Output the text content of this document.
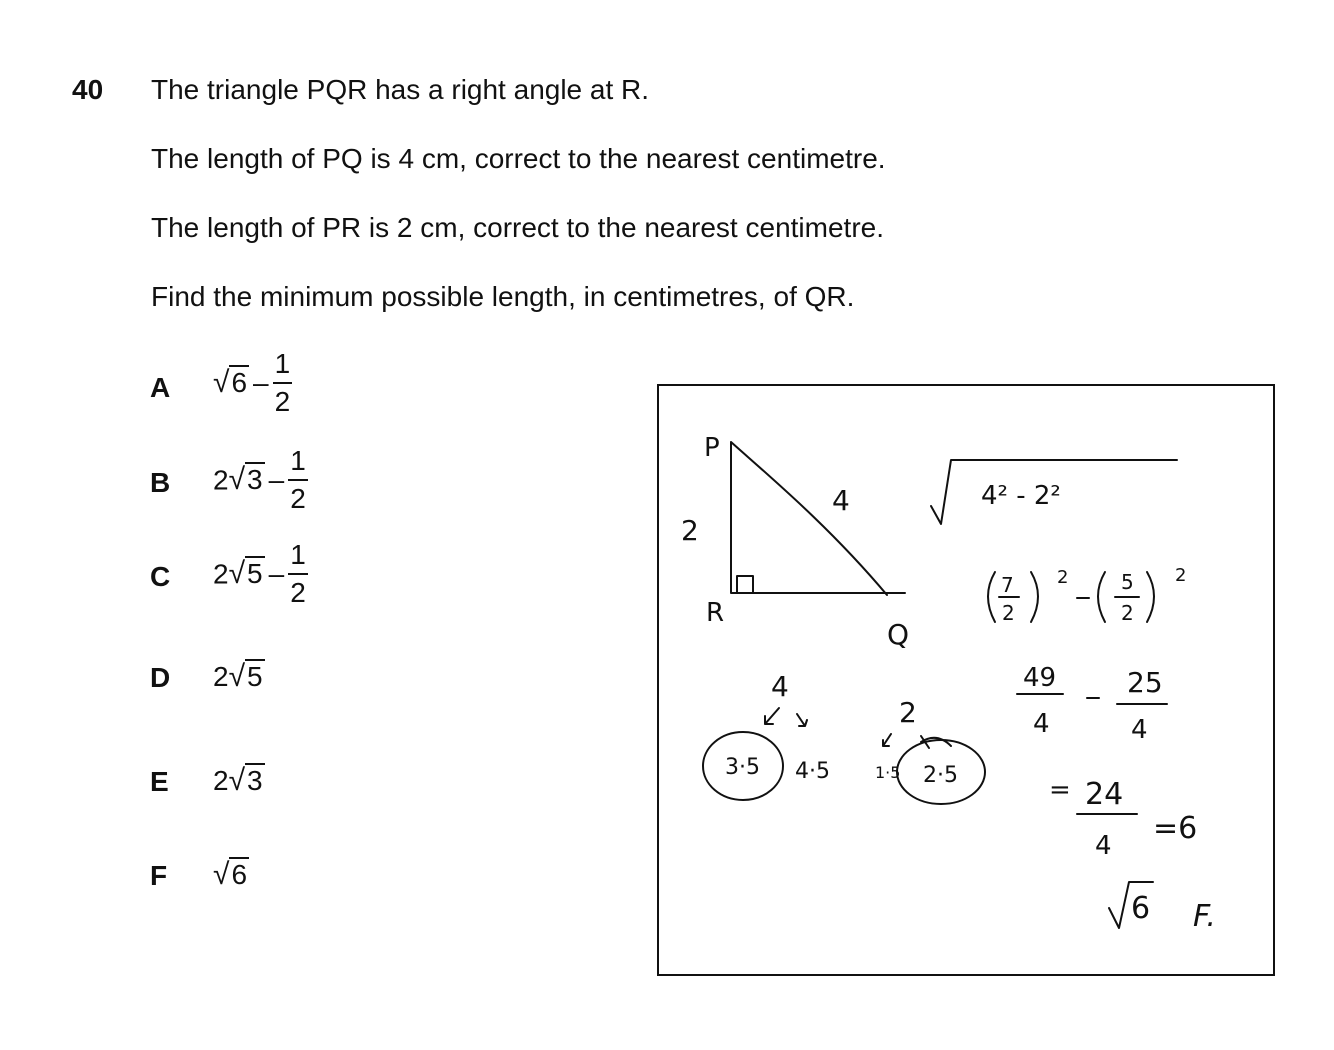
40 The triangle PQR has a right angle at R.
The length of PQ is 4 cm, correct to the nearest centimetre.
The length of PR is 2 cm, correct to the nearest centimetre.
Find the minimum possible length, in centimetres, of QR.
A $√6 - \frac{1}{2}$
B $2√3 - \frac{1}{2}$
C $2√5 - \frac{1}{2}$
D 2√5
E 2√3
F √6
P
R
Q
2
4	4² - 2²
7
2
2	5
2
2
49
4
25
4
= 24
4 =6
6 F.
4
3·5 4·5
2
1·5 2·5
